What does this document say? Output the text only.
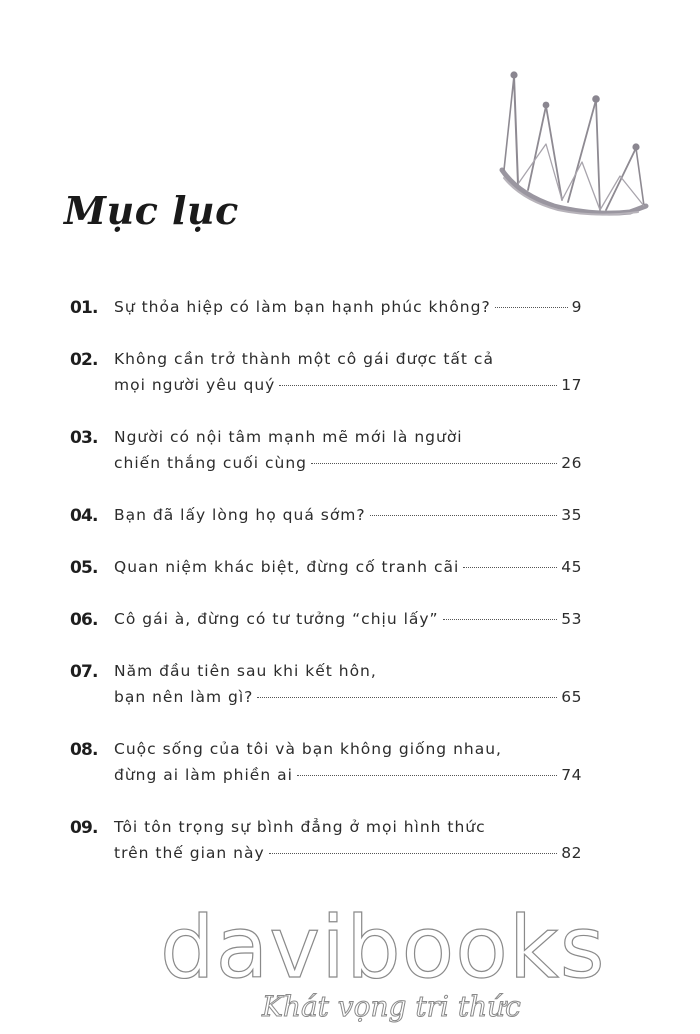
Mục lục
01.	Sự thỏa hiệp có làm bạn hạnh phúc không?	9
02.	Không cần trở thành một cô gái được tất cả
mọi người yêu quý	17
03.	Người có nội tâm mạnh mẽ mới là người
chiến thắng cuối cùng	26
04.	Bạn đã lấy lòng họ quá sớm?	35
05.	Quan niệm khác biệt, đừng cố tranh cãi	45
06.	Cô gái à, đừng có tư tưởng “chịu lấy”	53
07.	Năm đầu tiên sau khi kết hôn,
bạn nên làm gì?	65
08.	Cuộc sống của tôi và bạn không giống nhau,
đừng ai làm phiền ai	74
09.	Tôi tôn trọng sự bình đẳng ở mọi hình thức
trên thế gian này	82
davibooks
Khát vọng tri thức
